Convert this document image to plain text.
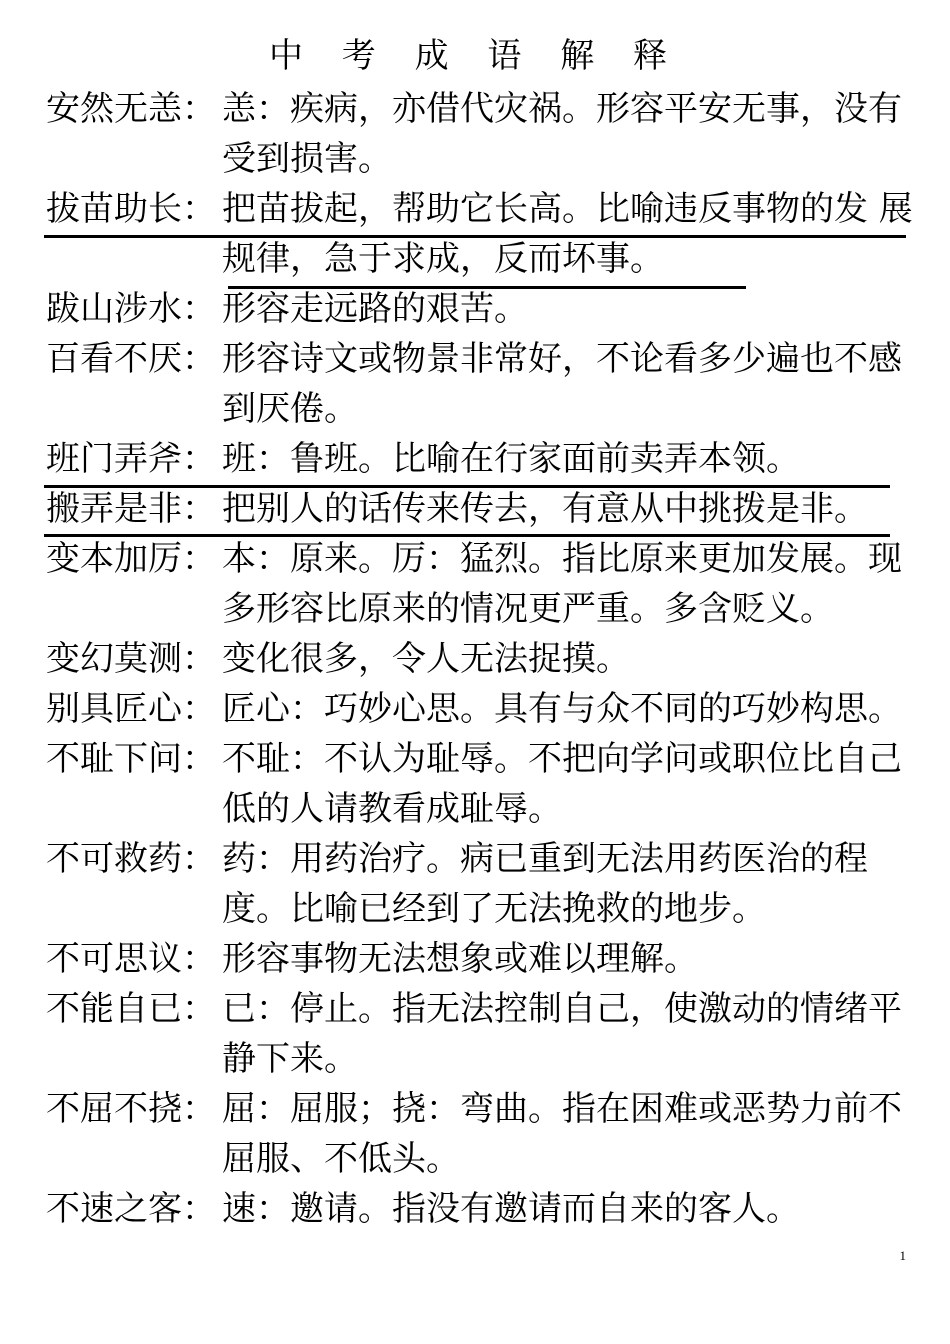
中 考 成 语 解 释
安然无恙： 恙：疾病，亦借代灾祸。形容平安无事，没有受到损害。
拔苗助长： 把苗拔起，帮助它长高。比喻违反事物的发 展规律，急于求成，反而坏事。
跋山涉水： 形容走远路的艰苦。
百看不厌： 形容诗文或物景非常好，不论看多少遍也不感到厌倦。
班门弄斧： 班：鲁班。比喻在行家面前卖弄本领。
搬弄是非： 把别人的话传来传去，有意从中挑拨是非。
变本加厉： 本：原来。厉：猛烈。指比原来更加发展。现多形容比原来的情况更严重。多含贬义。
变幻莫测： 变化很多，令人无法捉摸。
别具匠心： 匠心：巧妙心思。具有与众不同的巧妙构思。
不耻下问： 不耻：不认为耻辱。不把向学问或职位比自己低的人请教看成耻辱。
不可救药： 药：用药治疗。病已重到无法用药医治的程度。比喻已经到了无法挽救的地步。
不可思议： 形容事物无法想象或难以理解。
不能自已： 已：停止。指无法控制自己，使激动的情绪平静下来。
不屈不挠： 屈：屈服；挠：弯曲。指在困难或恶势力前不屈服、不低头。
不速之客： 速：邀请。指没有邀请而自来的客人。
1
